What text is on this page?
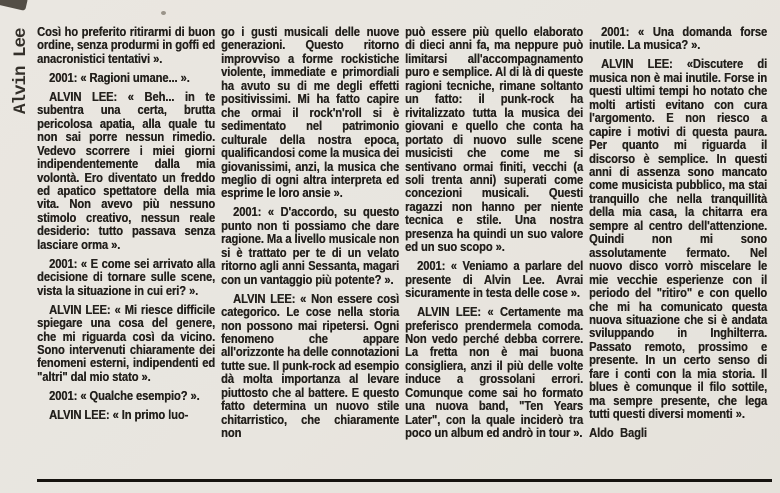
Alvin Lee Così ho preferito ritirarmi di buon ordine, senza produrmi in goffi ed anacronistici tentativi ».

2001: « Ragioni umane... ».

ALVIN LEE: « Beh... in te subentra una certa, brutta pericolosa apatia, alla quale tu non sai porre nessun rimedio. Vedevo scorrere i miei giorni indipendentemente dalla mia volontà. Ero diventato un freddo ed apatico spettatore della mia vita. Non avevo più nessuno stimolo creativo, nessun reale desiderio: tutto passava senza lasciare orma ».

2001: « E come sei arrivato alla decisione di tornare sulle scene, vista la situazione in cui eri? ».

ALVIN LEE: « Mi riesce difficile spiegare una cosa del genere, che mi riguarda così da vicino. Sono intervenuti chiaramente dei fenomeni esterni, indipendenti ed "altri" dal mio stato ».

2001: « Qualche esempio? ».

ALVIN LEE: « In primo luo-

go i gusti musicali delle nuove generazioni. Questo ritorno improvviso a forme rockistiche violente, immediate e primordiali ha avuto su di me degli effetti positivissimi. Mi ha fatto capire che ormai il rock'n'roll si è sedimentato nel patrimonio culturale della nostra epoca, qualificandosi come la musica dei giovanissimi, anzi, la musica che meglio di ogni altra interpreta ed esprime le loro ansie ».

2001: « D'accordo, su questo punto non ti possiamo che dare ragione. Ma a livello musicale non si è trattato per te di un velato ritorno agli anni Sessanta, magari con un vantaggio più potente? ».

ALVIN LEE: « Non essere così categorico. Le cose nella storia non possono mai ripetersi. Ogni fenomeno che appare all'orizzonte ha delle connotazioni tutte sue. Il punk-rock ad esempio dà molta importanza al levare piuttosto che al battere. E questo fatto determina un nuovo stile chitarristico, che chiaramente non

può essere più quello elaborato di dieci anni fa, ma neppure può limitarsi all'accompagnamento puro e semplice. Al di là di queste ragioni tecniche, rimane soltanto un fatto: il punk-rock ha rivitalizzato tutta la musica dei giovani e quello che conta ha portato di nuovo sulle scene musicisti che come me si sentivano ormai finiti, vecchi (a soli trenta anni) superati come concezioni musicali. Questi ragazzi non hanno per niente tecnica e stile. Una nostra presenza ha quindi un suo valore ed un suo scopo ».

2001: « Veniamo a parlare del presente di Alvin Lee. Avrai sicuramente in testa delle cose ».

ALVIN LEE: « Certamente ma preferisco prendermela comoda. Non vedo perché debba correre. La fretta non è mai buona consigliera, anzi il più delle volte induce a grossolani errori. Comunque come sai ho formato una nuova band, "Ten Years Later", con la quale inciderò tra poco un album ed andrò in tour ».

2001: « Una domanda forse inutile. La musica? ».

ALVIN LEE: «Discutere di musica non è mai inutile. Forse in questi ultimi tempi ho notato che molti artisti evitano con cura l'argomento. E non riesco a capire i motivi di questa paura. Per quanto mi riguarda il discorso è semplice. In questi anni di assenza sono mancato come musicista pubblico, ma stai tranquillo che nella tranquillità della mia casa, la chitarra era sempre al centro dell'attenzione. Quindi non mi sono assolutamente fermato. Nel nuovo disco vorrò miscelare le mie vecchie esperienze con il periodo del "ritiro" e con quello che mi ha comunicato questa nuova situazione che si è andata sviluppando in Inghilterra. Passato remoto, prossimo e presente. In un certo senso di fare i conti con la mia storia. Il blues è comunque il filo sottile, ma sempre presente, che lega tutti questi diversi momenti ».

Aldo Bagli
